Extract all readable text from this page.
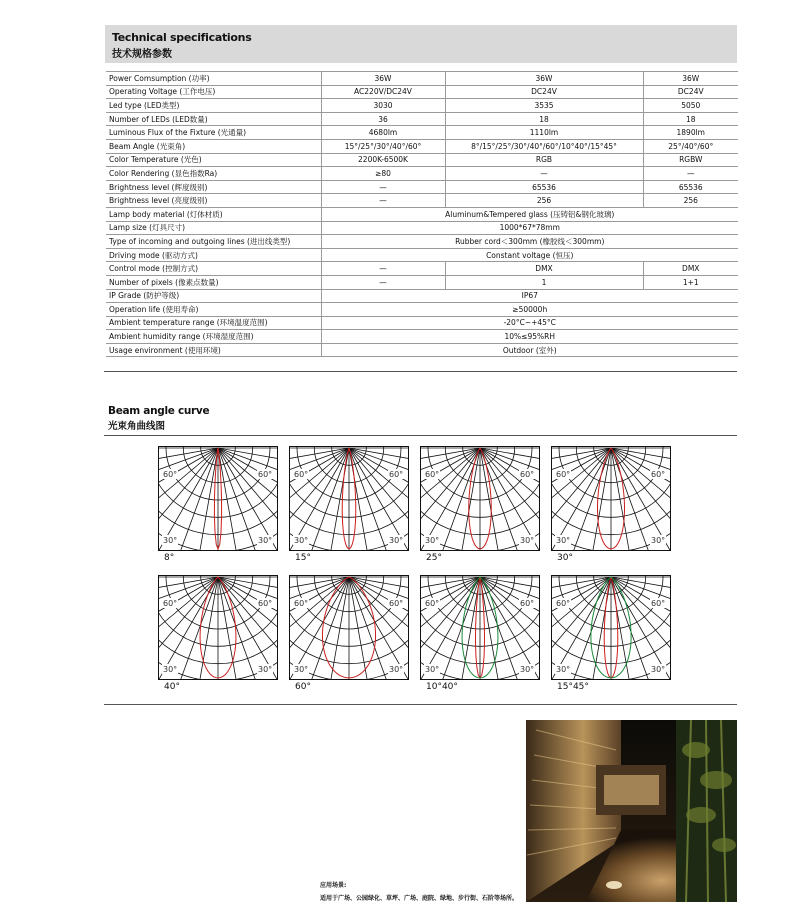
Technical specifications
技术规格参数
Power Comsumption (功率)	36W	36W	36W
Operating Voltage (工作电压)	AC220V/DC24V	DC24V	DC24V
Led type (LED类型)	3030	3535	5050
Number of LEDs (LED数量)	36	18	18
Luminous Flux of the Fixture (光通量)	4680lm	1110lm	1890lm
Beam Angle (光束角)	15°/25°/30°/40°/60°	8°/15°/25°/30°/40°/60°/10°40°/15°45°	25°/40°/60°
Color Temperature (光色)	2200K-6500K	RGB	RGBW
Color Rendering (显色指数Ra)	≥80	—	—
Brightness level (辉度级别)	—	65536	65536
Brightness level (亮度级别)	—	256	256
Lamp body material (灯体材质)	Aluminum&Tempered glass (压铸铝&钢化玻璃)		
Lamp size (灯具尺寸)	1000*67*78mm		
Type of incoming and outgoing lines (进出线类型)	Rubber cord＜300mm (橡胶线＜300mm)		
Driving mode (驱动方式)	Constant voltage (恒压)		
Control mode (控制方式)	—	DMX	DMX
Number of pixels (像素点数量)	—	1	1+1
IP Grade (防护等级)	IP67		
Operation life (使用寿命)	≥50000h		
Ambient temperature range (环境温度范围)	-20°C~+45°C		
Ambient humidity range (环境湿度范围)	10%≤95%RH		
Usage environment (使用环境)	Outdoor (室外)		
Beam angle curve
光束角曲线图
60°	60°
30°	30°
8°
60°	60°
30°	30°
15°
60°	60°
30°	30°
25°
60°	60°
30°	30°
30°
60°	60°
30°	30°
40°
60°	60°
30°	30°
60°
60°	60°
30°	30°
10°40°
60°	60°
30°	30°
15°45°
应用场景:
适用于广场、公园绿化、草坪、广场、庭院、绿地、步行街、石阶等场所。
